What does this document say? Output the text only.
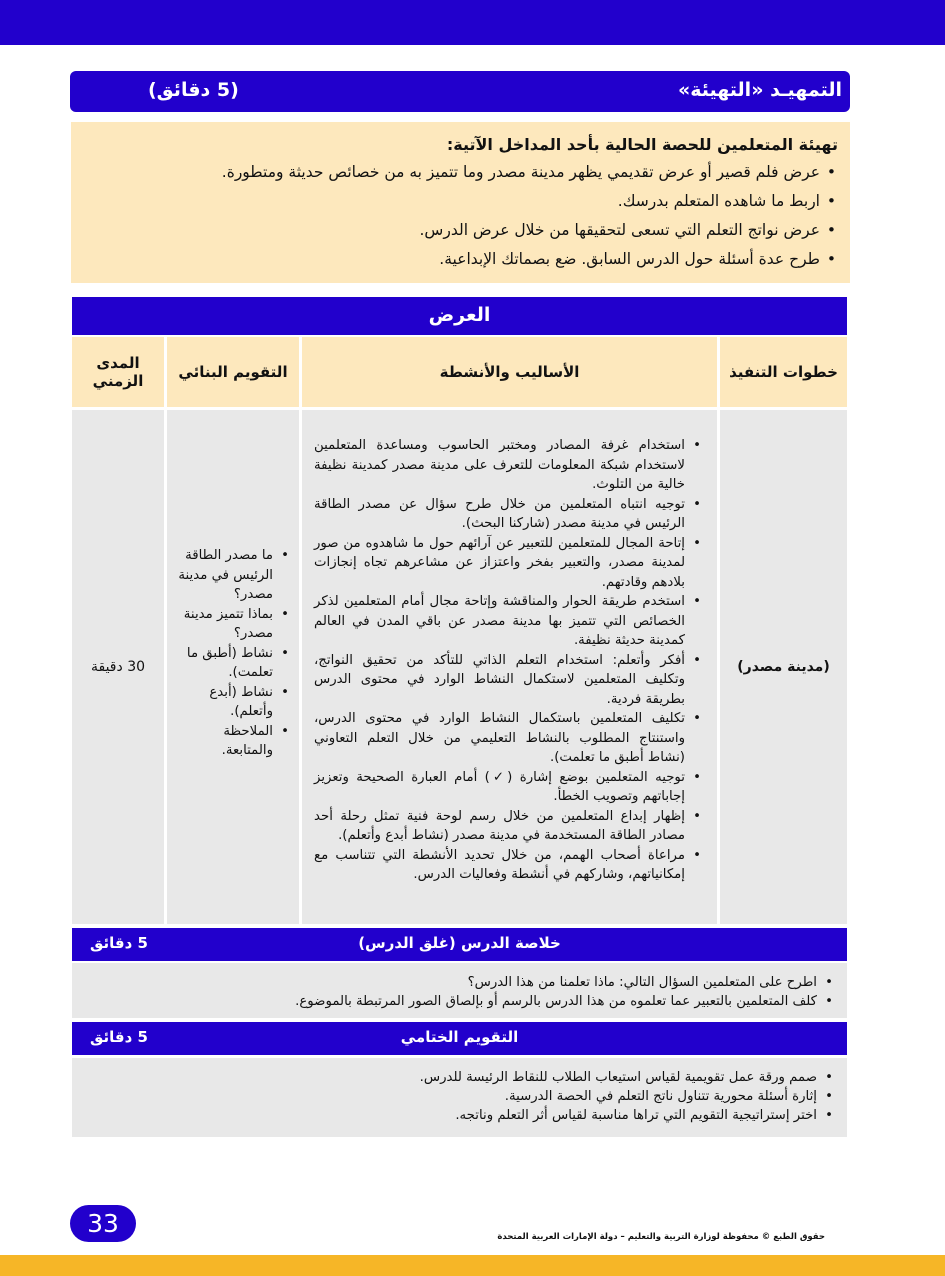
التمهيـد «التهيئة»
(5 دقائق)
تهيئة المتعلمين للحصة الحالية بأحد المداخل الآتية:
• عرض فلم قصير أو عرض تقديمي يظهر مدينة مصدر وما تتميز به من خصائص حديثة ومتطورة.
• اربط ما شاهده المتعلم بدرسك.
• عرض نواتج التعلم التي تسعى لتحقيقها من خلال عرض الدرس.
• طرح عدة أسئلة حول الدرس السابق. ضع بصماتك الإبداعية.
العرض
خطوات التنفيذ
الأساليب والأنشطة
التقويم البنائي
المدى الزمني
(مدينة مصدر)
• استخدام غرفة المصادر ومختبر الحاسوب ومساعدة المتعلمين لاستخدام شبكة المعلومات للتعرف على مدينة مصدر كمدينة نظيفة خالية من التلوث.
• توجيه انتباه المتعلمين من خلال طرح سؤال عن مصدر الطاقة الرئيس في مدينة مصدر (شاركنا البحث).
• إتاحة المجال للمتعلمين للتعبير عن آرائهم حول ما شاهدوه من صور لمدينة مصدر، والتعبير بفخر واعتزاز عن مشاعرهم تجاه إنجازات بلادهم وقادتهم.
• استخدم طريقة الحوار والمناقشة وإتاحة مجال أمام المتعلمين لذكر الخصائص التي تتميز بها مدينة مصدر عن باقي المدن في العالم كمدينة حديثة نظيفة.
• أفكر وأتعلم: استخدام التعلم الذاتي للتأكد من تحقيق النواتج، وتكليف المتعلمين لاستكمال النشاط الوارد في محتوى الدرس بطريقة فردية.
• تكليف المتعلمين باستكمال النشاط الوارد في محتوى الدرس، واستنتاج المطلوب بالنشاط التعليمي من خلال التعلم التعاوني (نشاط أطبق ما تعلمت).
• توجيه المتعلمين بوضع إشارة (✓) أمام العبارة الصحيحة وتعزيز إجاباتهم وتصويب الخطأ.
• إظهار إبداع المتعلمين من خلال رسم لوحة فنية تمثل رحلة أحد مصادر الطاقة المستخدمة في مدينة مصدر (نشاط أبدع وأتعلم).
• مراعاة أصحاب الهمم، من خلال تحديد الأنشطة التي تتناسب مع إمكانياتهم، وشاركهم في أنشطة وفعاليات الدرس.
• ما مصدر الطاقة الرئيس في مدينة مصدر؟
• بماذا تتميز مدينة مصدر؟
• نشاط (أطبق ما تعلمت).
• نشاط (أبدع وأتعلم).
• الملاحظة والمتابعة.
30 دقيقة
خلاصة الدرس (غلق الدرس)
5 دقائق
• اطرح على المتعلمين السؤال التالي: ماذا تعلمنا من هذا الدرس؟
• كلف المتعلمين بالتعبير عما تعلموه من هذا الدرس بالرسم أو بإلصاق الصور المرتبطة بالموضوع.
التقويم الختامي
5 دقائق
• صمم ورقة عمل تقويمية لقياس استيعاب الطلاب للنقاط الرئيسة للدرس.
• إثارة أسئلة محورية تتناول ناتج التعلم في الحصة الدرسية.
• اختر إستراتيجية التقويم التي تراها مناسبة لقياس أثر التعلم وناتجه.
33	حقوق الطبع © محفوظة لوزارة التربية والتعليم – دولة الإمارات العربية المتحدة
